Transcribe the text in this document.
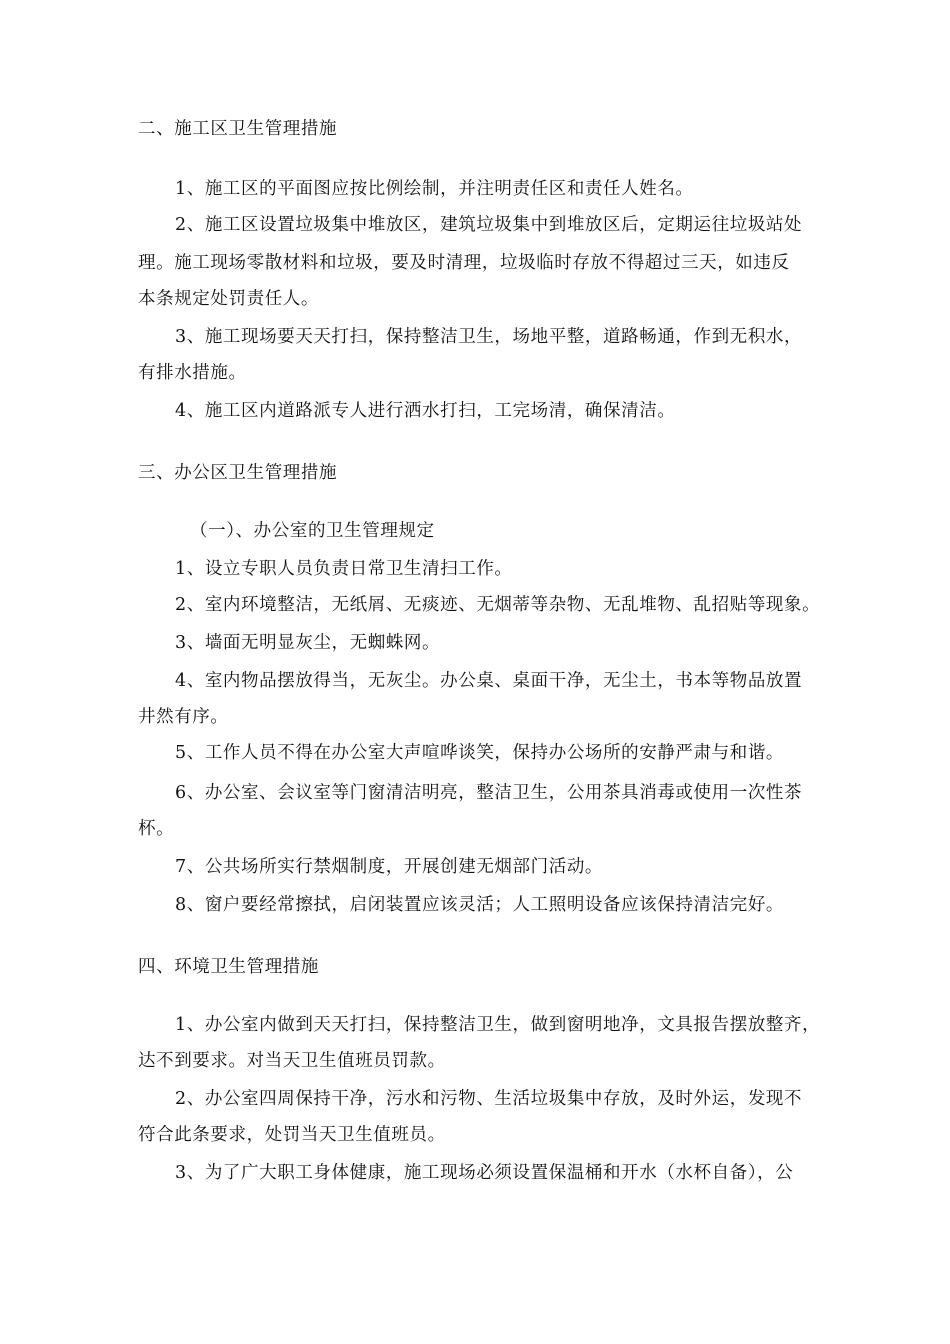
二、施工区卫生管理措施
1、施工区的平面图应按比例绘制，并注明责任区和责任人姓名。
2、施工区设置垃圾集中堆放区，建筑垃圾集中到堆放区后，定期运往垃圾站处
理。施工现场零散材料和垃圾，要及时清理，垃圾临时存放不得超过三天，如违反
本条规定处罚责任人。
3、施工现场要天天打扫，保持整洁卫生，场地平整，道路畅通，作到无积水，
有排水措施。
4、施工区内道路派专人进行洒水打扫，工完场清，确保清洁。
三、办公区卫生管理措施
（一）、办公室的卫生管理规定
1、设立专职人员负责日常卫生清扫工作。
2、室内环境整洁，无纸屑、无痰迹、无烟蒂等杂物、无乱堆物、乱招贴等现象。
3、墙面无明显灰尘，无蜘蛛网。
4、室内物品摆放得当，无灰尘。办公桌、桌面干净，无尘土，书本等物品放置
井然有序。
5、工作人员不得在办公室大声喧哗谈笑，保持办公场所的安静严肃与和谐。
6、办公室、会议室等门窗清洁明亮，整洁卫生，公用茶具消毒或使用一次性茶
杯。
7、公共场所实行禁烟制度，开展创建无烟部门活动。
8、窗户要经常擦拭，启闭装置应该灵活；人工照明设备应该保持清洁完好。
四、环境卫生管理措施
1、办公室内做到天天打扫，保持整洁卫生，做到窗明地净，文具报告摆放整齐，
达不到要求。对当天卫生值班员罚款。
2、办公室四周保持干净，污水和污物、生活垃圾集中存放，及时外运，发现不
符合此条要求，处罚当天卫生值班员。
3、为了广大职工身体健康，施工现场必须设置保温桶和开水（水杯自备），公
